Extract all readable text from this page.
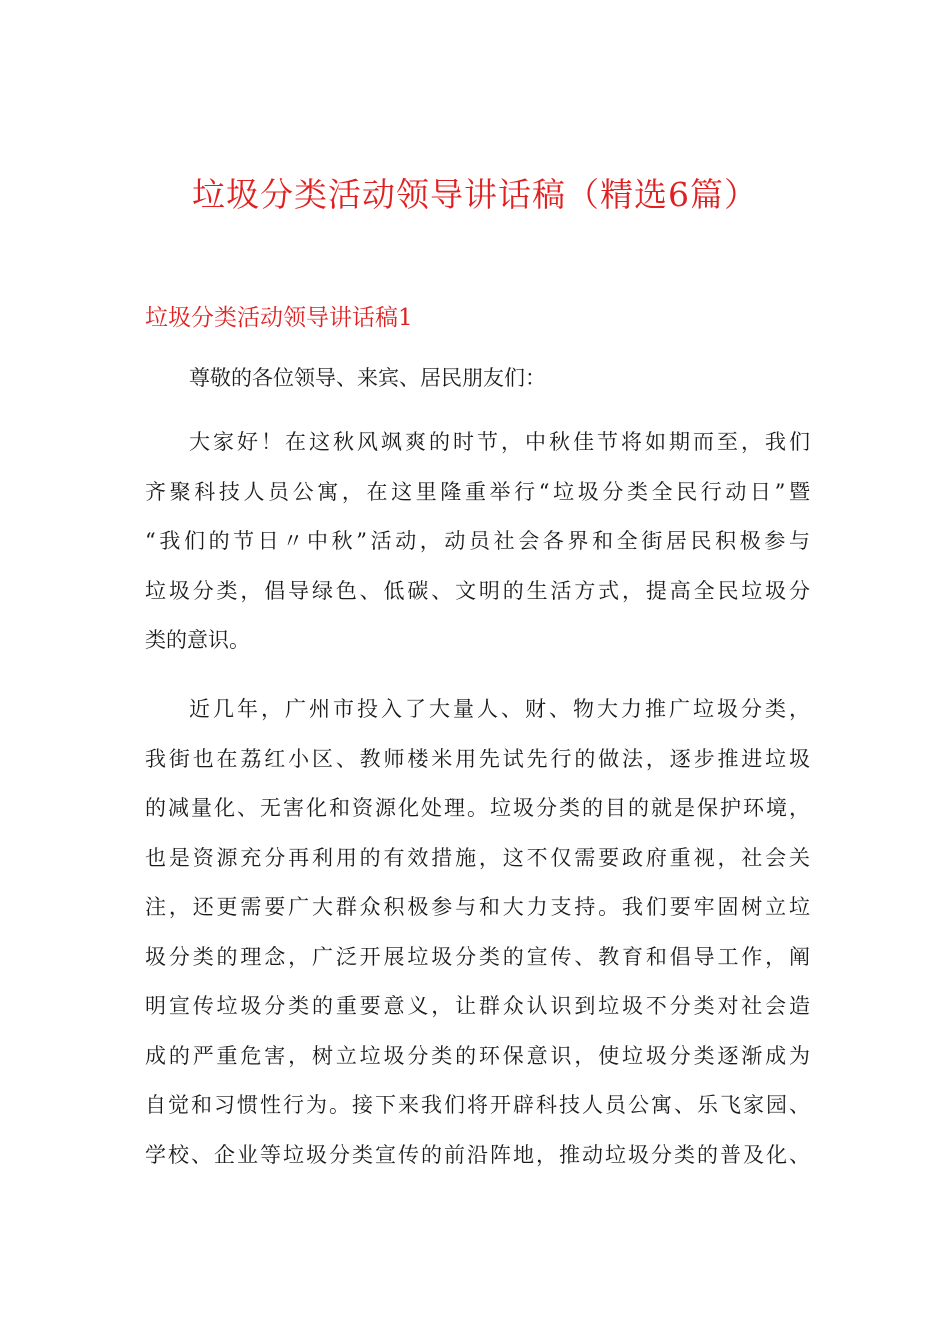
垃圾分类活动领导讲话稿（精选6篇）
垃圾分类活动领导讲话稿1
尊敬的各位领导、来宾、居民朋友们：
大家好！在这秋风飒爽的时节，中秋佳节将如期而至，我们
齐聚科技人员公寓，在这里隆重举行“垃圾分类全民行动日”暨
“我们的节日〃中秋”活动，动员社会各界和全街居民积极参与
垃圾分类，倡导绿色、低碳、文明的生活方式，提高全民垃圾分
类的意识。
近几年，广州市投入了大量人、财、物大力推广垃圾分类，
我街也在荔红小区、教师楼米用先试先行的做法，逐步推进垃圾
的减量化、无害化和资源化处理。垃圾分类的目的就是保护环境，
也是资源充分再利用的有效措施，这不仅需要政府重视，社会关
注，还更需要广大群众积极参与和大力支持。我们要牢固树立垃
圾分类的理念，广泛开展垃圾分类的宣传、教育和倡导工作，阐
明宣传垃圾分类的重要意义，让群众认识到垃圾不分类对社会造
成的严重危害，树立垃圾分类的环保意识，使垃圾分类逐渐成为
自觉和习惯性行为。接下来我们将开辟科技人员公寓、乐飞家园、
学校、企业等垃圾分类宣传的前沿阵地，推动垃圾分类的普及化、
